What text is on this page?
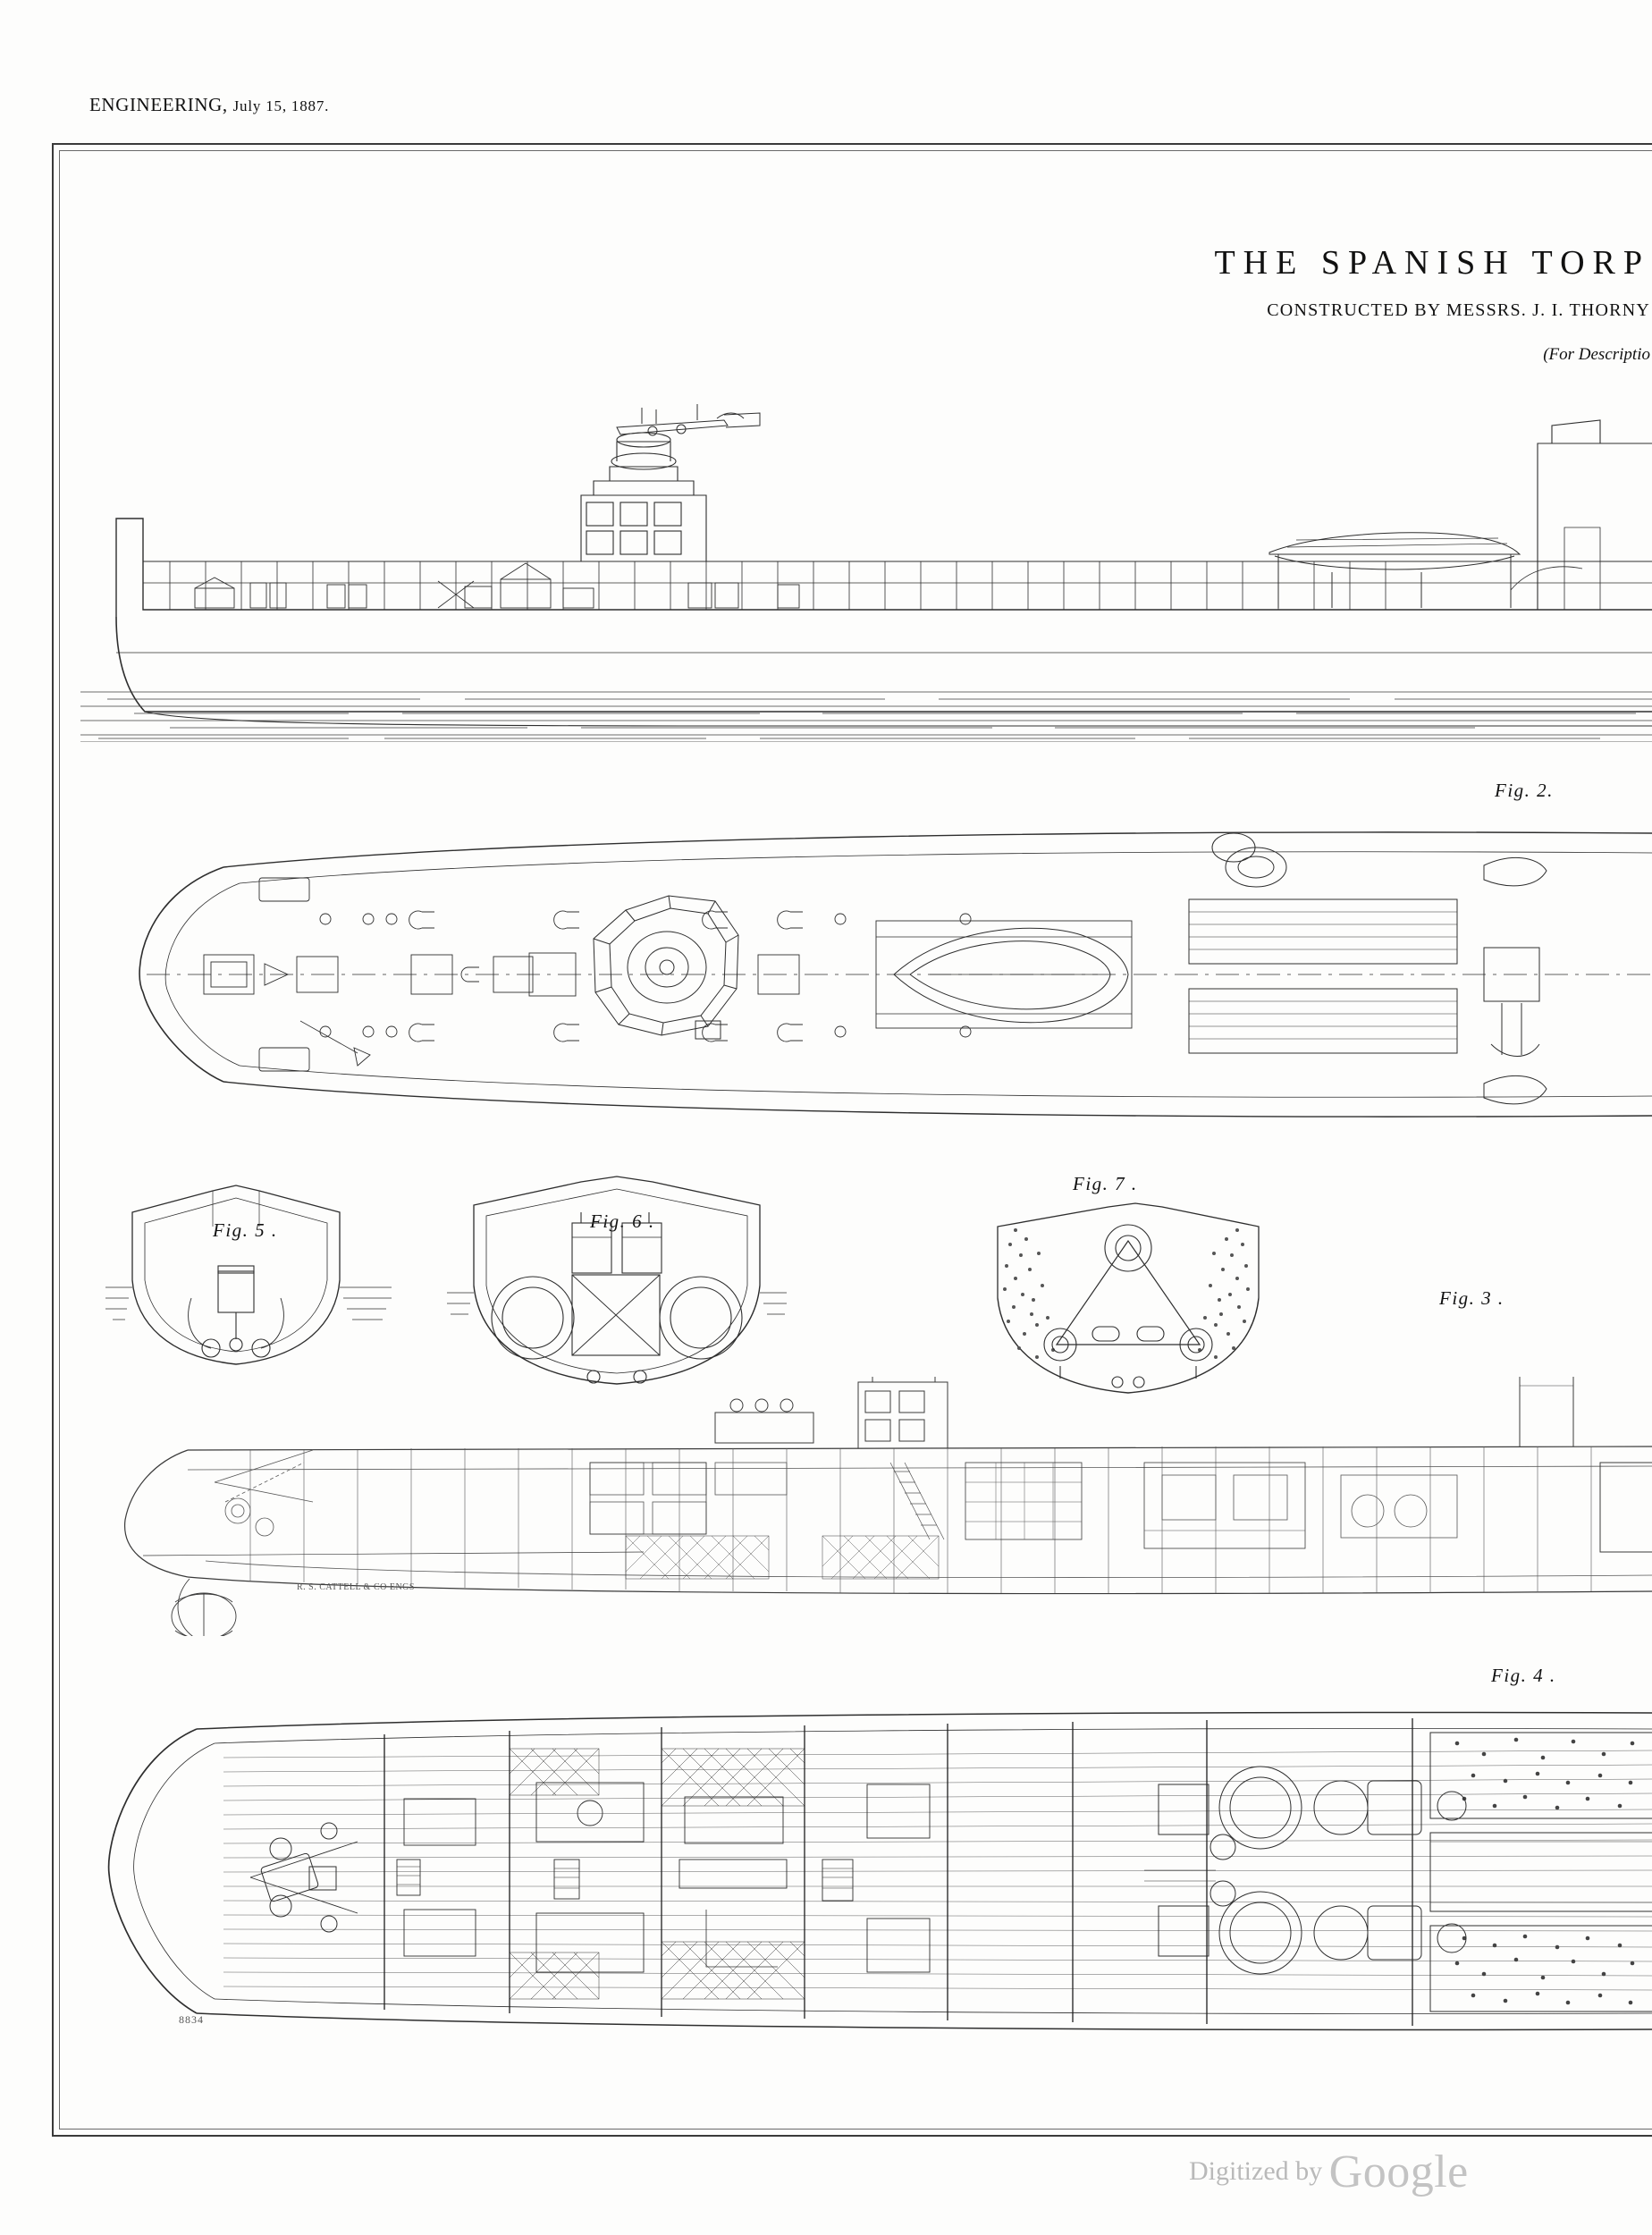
ENGINEERING, July 15, 1887.
THE SPANISH TORP
CONSTRUCTED BY MESSRS. J. I. THORNY
(For Descriptio
Fig. 2.
Fig. 5 .	Fig. 6 .
Fig. 7 .
Fig. 3 .
R. S. CATTELL & CO ENGS
Fig. 4 .
8834
Digitized by Google
